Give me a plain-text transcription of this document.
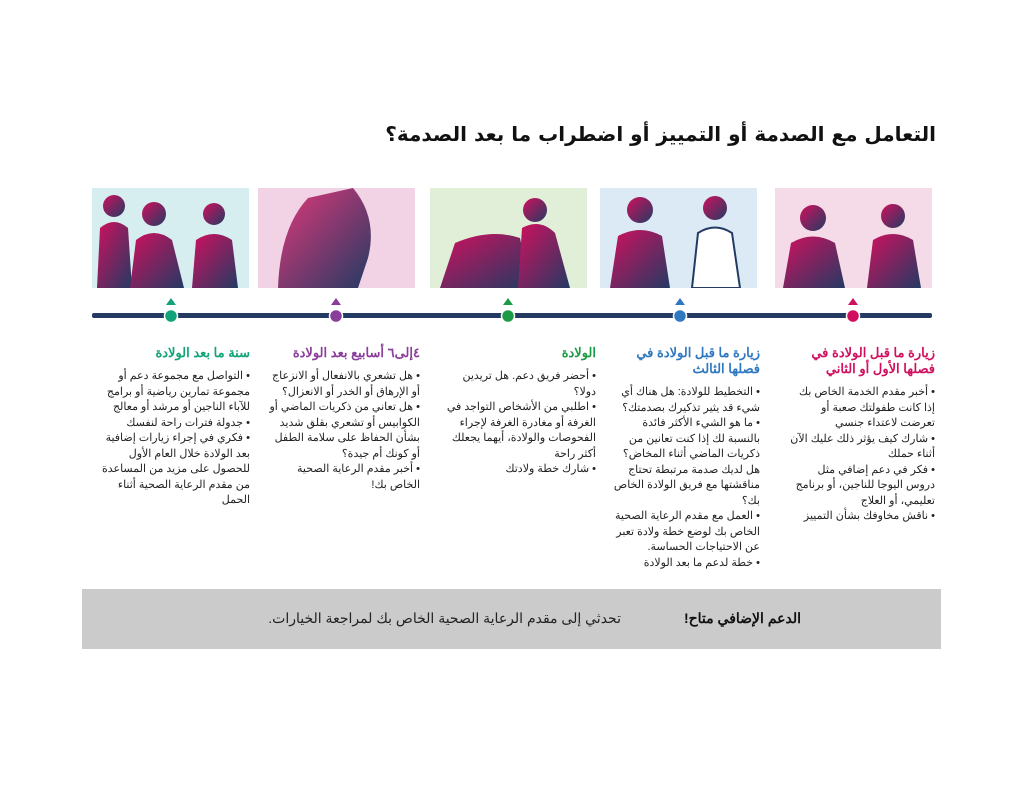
التعامل مع الصدمة أو التمييز أو اضطراب ما بعد الصدمة؟
زيارة ما قبل الولادة في فصلها الأول أو الثاني
• أخبر مقدم الخدمة الخاص بك إذا كانت طفولتك صعبة أو تعرضت لاعتداء جنسي
• شارك كيف يؤثر ذلك عليك الآن أثناء حملك
• فكر في دعم إضافي مثل دروس اليوجا للناجين، أو برنامج تعليمي، أو العلاج
• ناقش مخاوفك بشأن التمييز
زيارة ما قبل الولادة في فصلها الثالث
• التخطيط للولادة: هل هناك أي شيء قد يثير تذكيرك بصدمتك؟
• ما هو الشيء الأكثر فائدة بالنسبة لك إذا كنت تعانين من ذكريات الماضي أثناء المخاض؟ هل لديك صدمة مرتبطة تحتاج مناقشتها مع فريق الولادة الخاص بك؟
• العمل مع مقدم الرعاية الصحية الخاص بك لوضع خطة ولادة تعبر عن الاحتياجات الحساسة.
• خطة لدعم ما بعد الولادة
الولادة
• أحضر فريق دعم. هل تريدين دولا؟
• اطلبي من الأشخاص التواجد في الغرفة أو مغادرة الغرفة لإجراء الفحوصات والولادة، أيهما يجعلك أكثر راحة
• شارك خطة ولادتك
٤إلى٦ أسابيع بعد الولادة
• هل تشعري بالانفعال أو الانزعاج أو الإرهاق أو الخدر أو الانعزال؟
• هل تعاني من ذكريات الماضي أو الكوابيس أو تشعري بقلق شديد بشأن الحفاظ على سلامة الطفل أو كونك أم جيدة؟
• أخبر مقدم الرعاية الصحية الخاص بك!
سنة ما بعد الولادة
• التواصل مع مجموعة دعم أو مجموعة تمارين رياضية أو برامج للآباء الناجين أو مرشد أو معالج
• جدولة فترات راحة لنفسك
• فكري في إجراء زيارات إضافية بعد الولادة خلال العام الأول للحصول على مزيد من المساعدة من مقدم الرعاية الصحية أثناء الحمل
الدعم الإضافي متاح!
تحدثي إلى مقدم الرعاية الصحية الخاص بك لمراجعة الخيارات.
